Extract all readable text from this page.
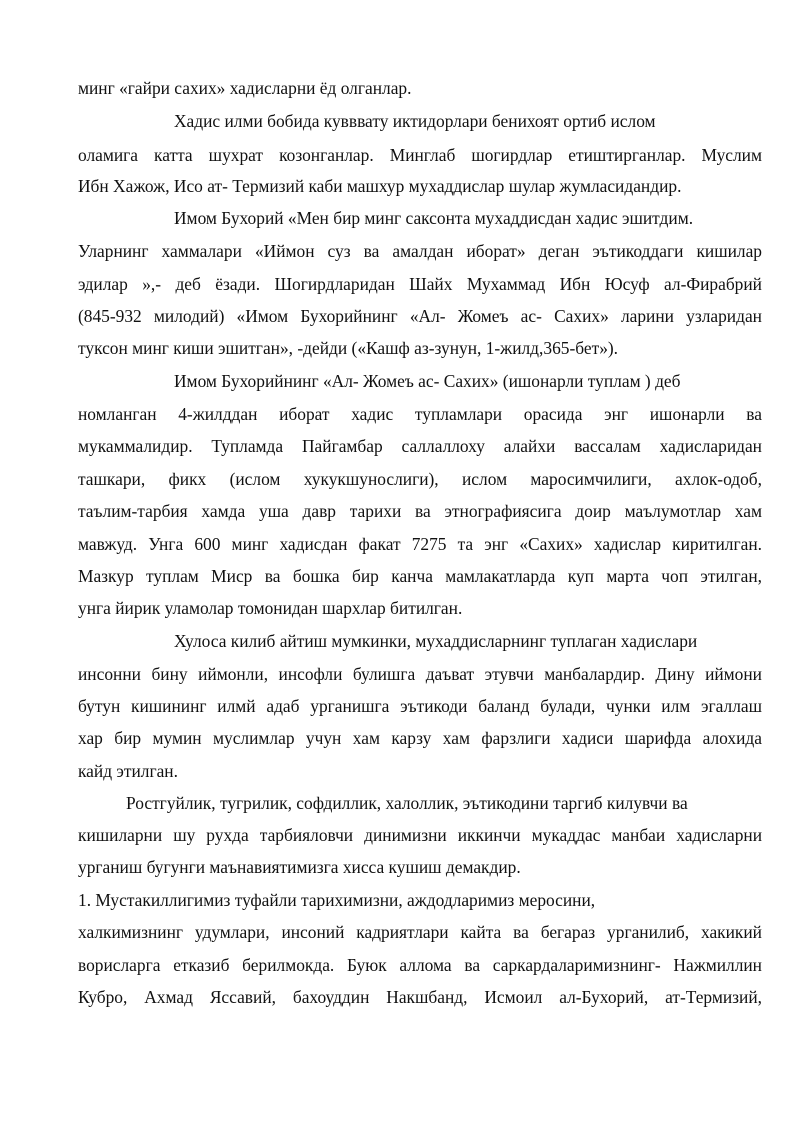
минг «гайри сахих» хадисларни ёд олганлар.
Хадис илми бобида кувввату иктидорлари бенихоят ортиб ислом
оламига катта шухрат козонганлар. Минглаб шогирдлар етиштирганлар. Муслим
Ибн Хажож, Исо ат- Термизий каби машхур мухаддислар шулар жумласидандир.
Имом Бухорий «Мен бир минг саксонта мухаддисдан хадис эшитдим.
Уларнинг хаммалари «Иймон суз ва амалдан иборат» деган эътикоддаги кишилар
эдилар »,- деб ёзади. Шогирдларидан Шайх Мухаммад Ибн Юсуф ал-Фирабрий
(845-932 милодий) «Имом Бухорийнинг «Ал- Жомеъ ас- Сахих» ларини узларидан
туксон минг киши эшитган», -дейди («Кашф аз-зунун, 1-жилд,365-бет»).
Имом Бухорийнинг «Ал- Жомеъ ас- Сахих» (ишонарли туплам ) деб
номланган 4-жилддан иборат хадис тупламлари орасида энг ишонарли ва
мукаммалидир. Тупламда Пайгамбар саллаллоху алайхи вассалам хадисларидан
ташкари, фикх (ислом хукукшунослиги), ислом маросимчилиги, ахлок-одоб,
таълим-тарбия хамда уша давр тарихи ва этнографиясига доир маълумотлар хам
мавжуд. Унга 600 минг хадисдан факат 7275 та энг «Сахих» хадислар киритилган.
Мазкур туплам Миср ва бошка бир канча мамлакатларда куп марта чоп этилган,
унга йирик уламолар томонидан шархлар битилган.
Хулоса килиб айтиш мумкинки, мухаддисларнинг туплаган хадислари
инсонни бину иймонли, инсофли булишга даъват этувчи манбалардир. Дину иймони
бутун кишининг илмй адаб урганишга эътикоди баланд булади, чунки илм эгаллаш
хар бир мумин муслимлар учун хам карзу хам фарзлиги хадиси шарифда алохида
кайд этилган.
Ростгуйлик, тугрилик, софдиллик, халоллик, эътикодини таргиб килувчи ва
кишиларни шу рухда тарбияловчи динимизни иккинчи мукаддас манбаи хадисларни
урганиш бугунги маънавиятимизга хисса кушиш демакдир.
1. Мустакиллигимиз туфайли тарихимизни, аждодларимиз меросини,
халкимизнинг удумлари, инсоний кадриятлари кайта ва бегараз урганилиб, хакикий
ворисларга етказиб берилмокда. Буюк аллома ва саркардаларимизнинг- Нажмиллин
Кубро, Ахмад Яссавий, бахоуддин Накшбанд, Исмоил ал-Бухорий, ат-Термизий,
